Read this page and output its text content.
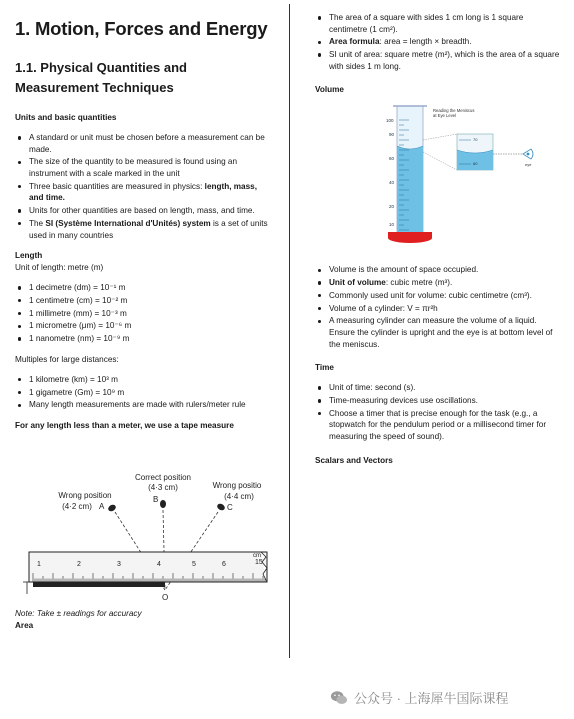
1. Motion, Forces and Energy
1.1. Physical Quantities and Measurement Techniques
Units and basic quantities
A standard or unit must be chosen before a measurement can be made.
The size of the quantity to be measured is found using an instrument with a scale marked in the unit
Three basic quantities are measured in physics: length, mass, and time.
Units for other quantities are based on length, mass, and time.
The SI (Système International d'Unités) system is a set of units used in many countries
Length

Unit of length: metre (m)

1 decimetre (dm) = 10⁻¹ m
1 centimetre (cm) = 10⁻² m
1 millimetre (mm) = 10⁻³ m
1 micrometre (μm) = 10⁻⁶ m
1 nanometre (nm) = 10⁻⁹ m

Multiples for large distances:

1 kilometre (km) = 10³ m
1 gigametre (Gm) = 10⁹ m
Many length measurements are made with rulers/meter rule
For any length less than a meter, we use a tape measure
Correct position
(4·3 cm)
B
Wrong position
(4·2 cm) A
Wrong positio
(4·4 cm)
C
1	2	3	4	5	6	15
cm
O
Note: Take ± readings for accuracy
Area
The area of a square with sides 1 cm long is 1 square centimetre (1 cm²).
Area formula: area = length × breadth.
SI unit of area: square metre (m²), which is the area of a square with sides 1 m long.
Volume
100
90
60
40
20
10
Reading the Meniscus
at Eye Level
70
60	eye
Volume is the amount of space occupied.
Unit of volume: cubic metre (m³).
Commonly used unit for volume: cubic centimetre (cm³).
Volume of a cylinder: V = πr²h
A measuring cylinder can measure the volume of a liquid. Ensure the cylinder is upright and the eye is at bottom level of the meniscus.
Time
Unit of time: second (s).
Time-measuring devices use oscillations.
Choose a timer that is precise enough for the task (e.g., a stopwatch for the pendulum period or a millisecond timer for measuring the speed of sound).
Scalars and Vectors
公众号 · 上海犀牛国际课程
